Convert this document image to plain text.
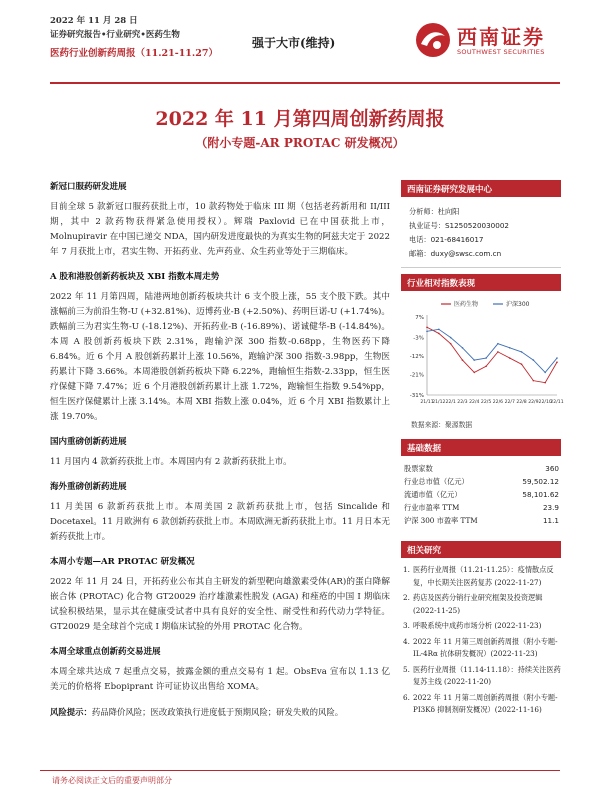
2022 年 11 月 28 日
证券研究报告•行业研究•医药生物
医药行业创新药周报（11.21-11.27）
强于大市(维持)	西南证券
SOUTHWEST SECURITIES
2022 年 11 月第四周创新药周报
（附小专题-AR PROTAC 研发概况）
新冠口服药研发进展
目前全球 5 款新冠口服药获批上市，10 款药物处于临床 III 期（包括老药新用和 II/III 期，其中 2 款药物获得紧急使用授权）。辉瑞 Paxlovid 已在中国获批上市，Molnupiravir 在中国已递交 NDA，国内研发进度最快的为真实生物的阿兹夫定于 2022 年 7 月获批上市，君实生物、开拓药业、先声药业、众生药业等处于三期临床。
A 股和港股创新药板块及 XBI 指数本周走势
2022 年 11 月第四周，陆港两地创新药板块共计 6 支个股上涨，55 支个股下跌。其中涨幅前三为前沿生物-U (+32.81%)、迈博药业-B (+2.50%)、药明巨诺-U (+1.74%)。跌幅前三为君实生物-U (-18.12%)、开拓药业-B (-16.89%)、诺诚健华-B (-14.84%)。本周 A 股创新药板块下跌 2.31%，跑输沪深 300 指数-0.68pp，生物医药下降 6.84%。近 6 个月 A 股创新药累计上涨 10.56%，跑输沪深 300 指数-3.98pp，生物医药累计下降 3.66%。本周港股创新药板块下降 6.22%，跑输恒生指数-2.33pp，恒生医疗保健下降 7.47%；近 6 个月港股创新药累计上涨 1.72%，跑输恒生指数 9.54%pp，恒生医疗保健累计上涨 3.14%。本周 XBI 指数上涨 0.04%，近 6 个月 XBI 指数累计上涨 19.70%。
国内重磅创新药进展
11 月国内 4 款新药获批上市。本周国内有 2 款新药获批上市。
海外重磅创新药进展
11 月美国 6 款新药获批上市。本周美国 2 款新药获批上市，包括 Sincalide 和 Docetaxel。11 月欧洲有 6 款创新药获批上市。本周欧洲无新药获批上市。11 月日本无新药获批上市。
本周小专题—AR PROTAC 研发概况
2022 年 11 月 24 日，开拓药业公布其自主研发的新型靶向雄激素受体(AR)的蛋白降解嵌合体 (PROTAC) 化合物 GT20029 治疗雄激素性脱发 (AGA) 和痤疮的中国 I 期临床试验积极结果，显示其在健康受试者中具有良好的安全性、耐受性和药代动力学特征。GT20029 是全球首个完成 I 期临床试验的外用 PROTAC 化合物。
本周全球重点创新药交易进展
本周全球共达成 7 起重点交易，披露金额的重点交易有 1 起。ObsEva 宣布以 1.13 亿美元的价格将 Ebopiprant 许可证协议出售给 XOMA。
风险提示：药品降价风险；医改政策执行进度低于预期风险；研发失败的风险。
西南证券研究发展中心
分析师：杜向阳
执业证号：S1250520030002
电话：021-68416017
邮箱：duxy@swsc.com.cn
行业相对指数表现
7%
-3%
-12%
-21%
-31%
21/11
21/12 22/1 22/3 22/4 22/5 22/6 22/7 22/8 22/9 22/10
22/11
医药生物	沪深300
数据来源：聚源数据
基础数据
股票家数	360
行业总市值（亿元）	59,502.12
流通市值（亿元）	58,101.62
行业市盈率 TTM	23.9
沪深 300 市盈率 TTM	11.1
相关研究
1. 医药行业周报（11.21-11.25）：疫情散点反复，中长期关注医药复苏 (2022-11-27)
2. 药店及医药分销行业研究框架及投资逻辑 (2022-11-25)
3. 呼吸系统中成药市场分析 (2022-11-23)
4. 2022 年 11 月第三周创新药周报（附小专题-IL-4Rα 抗体研发概况）(2022-11-23)
5. 医药行业周报（11.14-11.18）：持续关注医药复苏主线 (2022-11-20)
6. 2022 年 11 月第二周创新药周报（附小专题-PI3Kδ 抑制剂研发概况）(2022-11-16)
请务必阅读正文后的重要声明部分
